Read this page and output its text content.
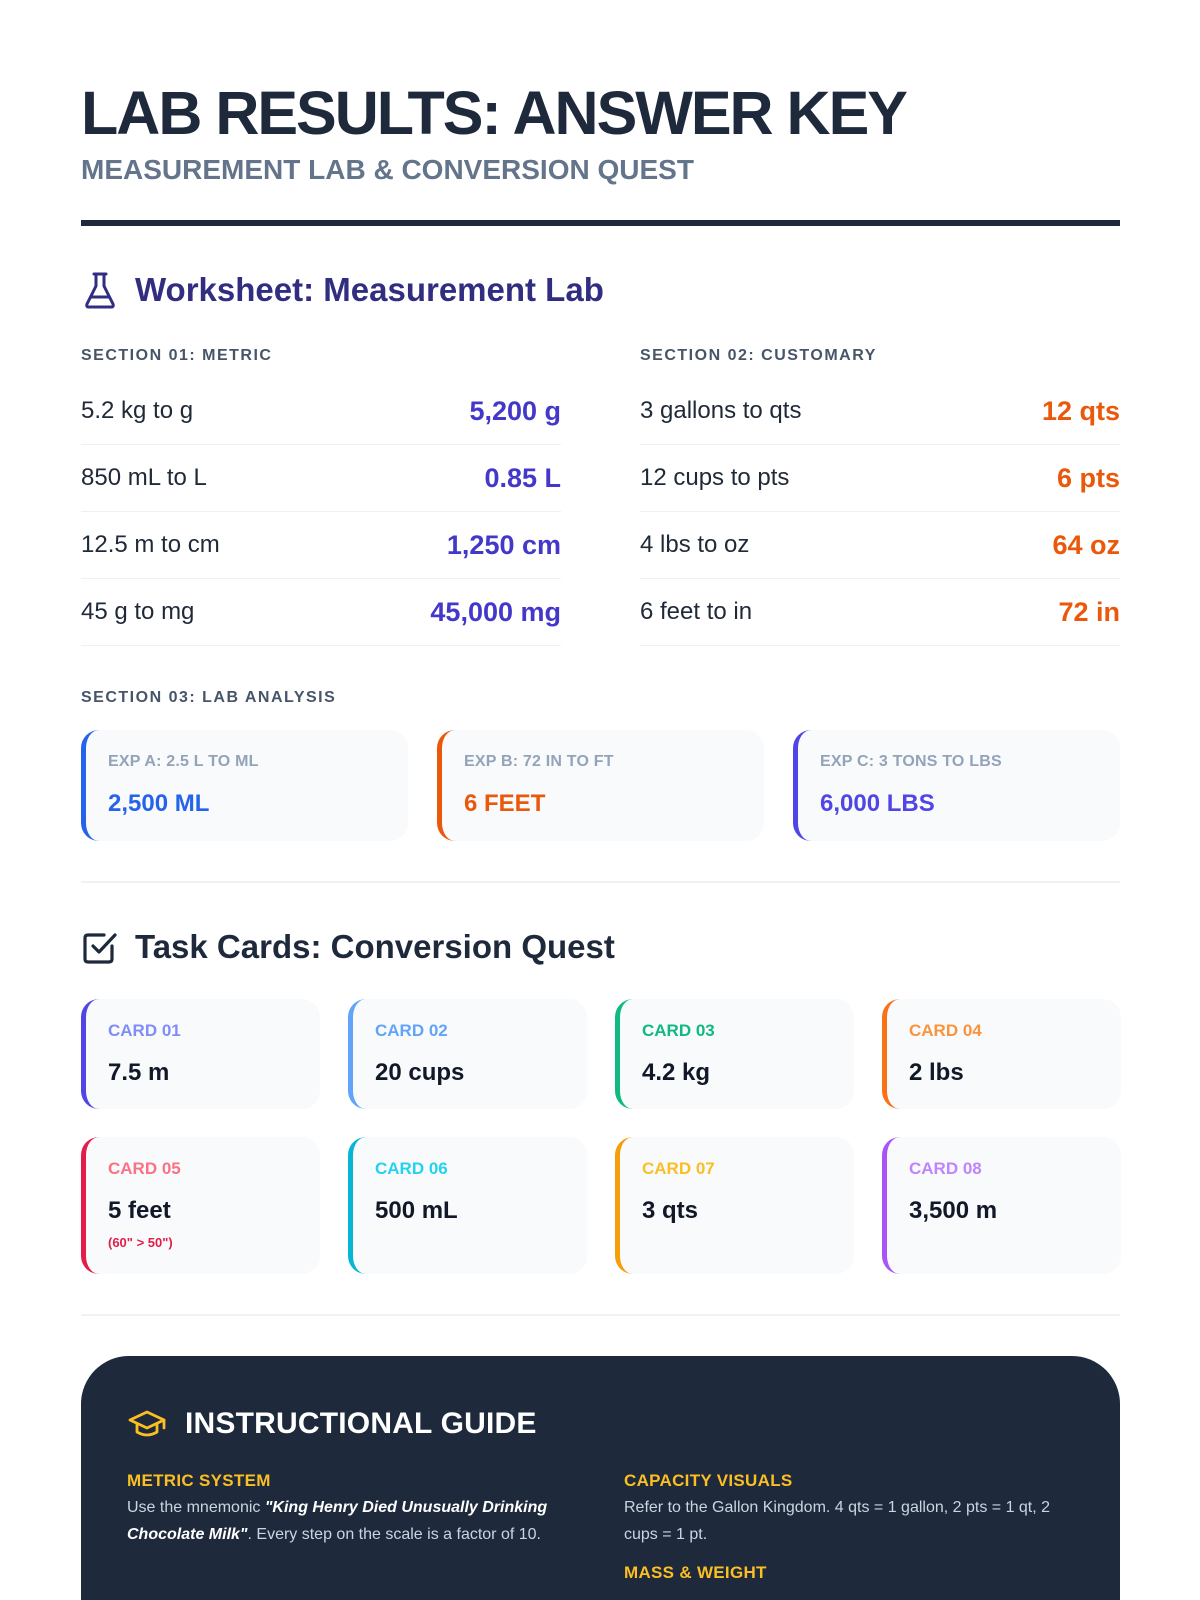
LAB RESULTS: ANSWER KEY
MEASUREMENT LAB & CONVERSION QUEST
Worksheet: Measurement Lab
SECTION 01: METRIC
5.2 kg to g	5,200 g
850 mL to L	0.85 L
12.5 m to cm	1,250 cm
45 g to mg	45,000 mg
SECTION 02: CUSTOMARY
3 gallons to qts	12 qts
12 cups to pts	6 pts
4 lbs to oz	64 oz
6 feet to in	72 in
SECTION 03: LAB ANALYSIS
EXP A: 2.5 L TO ML
2,500 ML
EXP B: 72 IN TO FT
6 FEET
EXP C: 3 TONS TO LBS
6,000 LBS
Task Cards: Conversion Quest
CARD 01
7.5 m
CARD 02
20 cups
CARD 03
4.2 kg
CARD 04
2 lbs
CARD 05
5 feet
(60" > 50")
CARD 06
500 mL
CARD 07
3 qts
CARD 08
3,500 m
INSTRUCTIONAL GUIDE
METRIC SYSTEM
Use the mnemonic "King Henry Died Unusually Drinking Chocolate Milk". Every step on the scale is a factor of 10.
CAPACITY VISUALS
Refer to the Gallon Kingdom. 4 qts = 1 gallon, 2 pts = 1 qt, 2 cups = 1 pt.
MASS & WEIGHT
